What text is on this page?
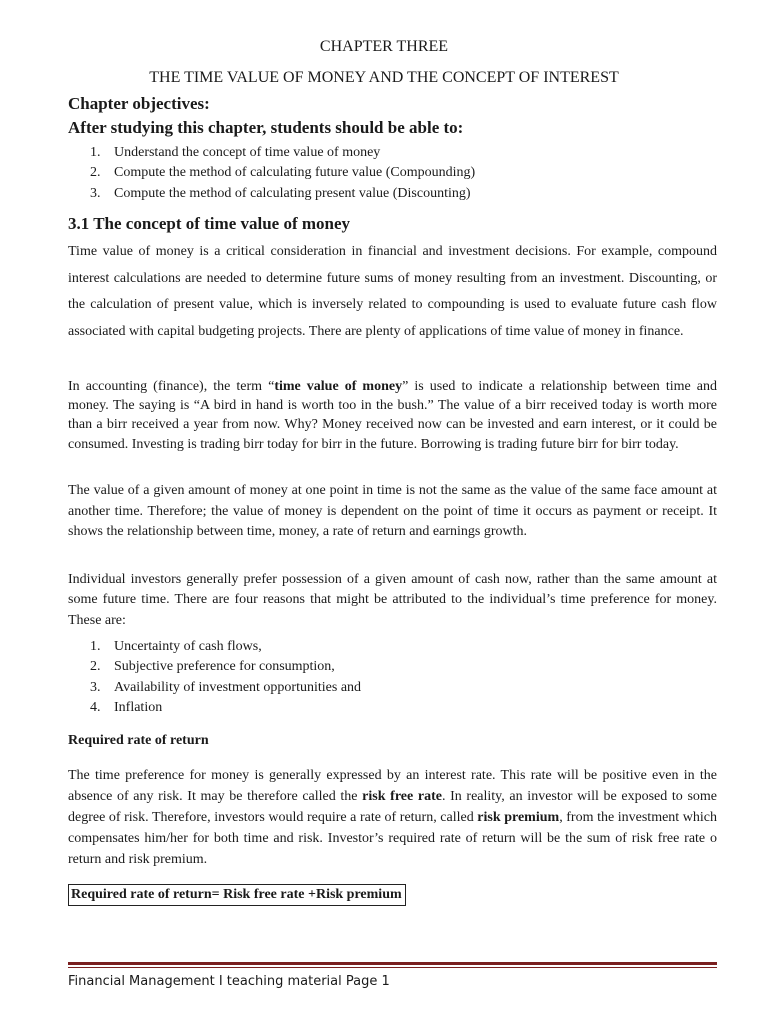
CHAPTER THREE
THE TIME VALUE OF MONEY AND THE CONCEPT OF INTEREST
Chapter objectives:
After studying this chapter, students should be able to:
1. Understand the concept of time value of money
2. Compute the method of calculating future value (Compounding)
3. Compute the method of calculating present value (Discounting)
3.1 The concept of time value of money

Time value of money is a critical consideration in financial and investment decisions. For example, compound interest calculations are needed to determine future sums of money resulting from an investment. Discounting, or the calculation of present value, which is inversely related to compounding is used to evaluate future cash flow associated with capital budgeting projects. There are plenty of applications of time value of money in finance.

In accounting (finance), the term “time value of money” is used to indicate a relationship between time and money. The saying is “A bird in hand is worth too in the bush.” The value of a birr received today is worth more than a birr received a year from now. Why? Money received now can be invested and earn interest, or it could be consumed. Investing is trading birr today for birr in the future. Borrowing is trading future birr for birr today.

The value of a given amount of money at one point in time is not the same as the value of the same face amount at another time. Therefore; the value of money is dependent on the point of time it occurs as payment or receipt. It shows the relationship between time, money, a rate of return and earnings growth.

Individual investors generally prefer possession of a given amount of cash now, rather than the same amount at some future time. There are four reasons that might be attributed to the individual’s time preference for money. These are:

1. Uncertainty of cash flows,
2. Subjective preference for consumption,
3. Availability of investment opportunities and
4. Inflation
Required rate of return

The time preference for money is generally expressed by an interest rate. This rate will be positive even in the absence of any risk. It may be therefore called the risk free rate. In reality, an investor will be exposed to some degree of risk. Therefore, investors would require a rate of return, called risk premium, from the investment which compensates him/her for both time and risk. Investor’s required rate of return will be the sum of risk free rate o return and risk premium.

Required rate of return= Risk free rate +Risk premium
Financial Management I teaching material Page 1
